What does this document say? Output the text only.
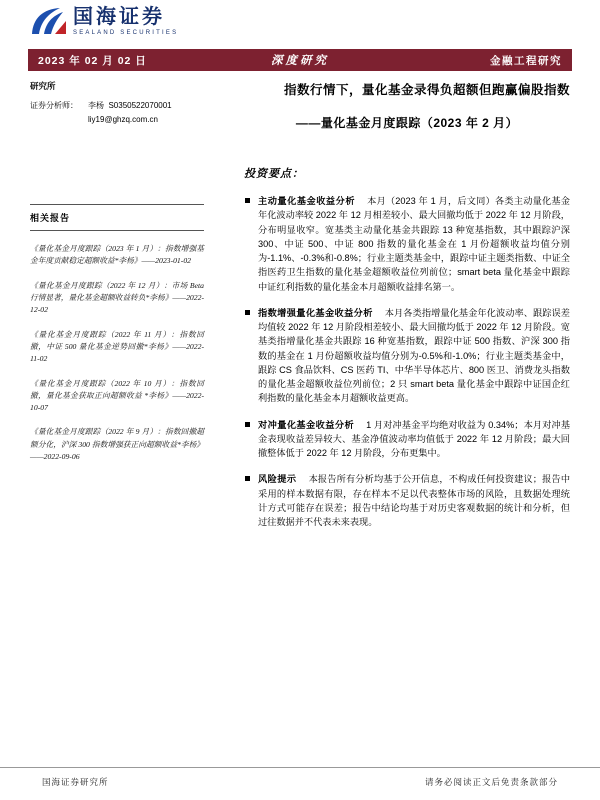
国海证券
SEALAND SECURITIES
2023 年 02 月 02 日	深度研究	金融工程研究
研究所
证券分析师：	李杨 S0350522070001
liy19@ghzq.com.cn
相关报告

《量化基金月度跟踪（2023 年 1 月）：指数增强基金年度贡献稳定超额收益*李杨》——2023-01-02

《量化基金月度跟踪（2022 年 12 月）：市场 Beta 行情显著，量化基金超额收益转负*李杨》——2022-12-02

《量化基金月度跟踪（2022 年 11 月）：指数回撤，中证 500 量化基金逆势回撤*李杨》——2022-11-02

《量化基金月度跟踪（2022 年 10 月）：指数回撤，量化基金获取正向超额收益 *李杨》——2022-10-07

《量化基金月度跟踪（2022 年 9 月）：指数回撤超额分化，沪深 300 指数增强获正向超额收益*李杨》——2022-09-06

指数行情下，量化基金录得负超额但跑赢偏股指数
——量化基金月度跟踪（2023 年 2 月）
投资要点：

主动量化基金收益分析 本月（2023 年 1 月，后文同）各类主动量化基金年化波动率较 2022 年 12 月相差较小、最大回撤均低于 2022 年 12 月阶段，分布明显收窄。宽基类主动量化基金共跟踪 13 种宽基指数，其中跟踪沪深 300、中证 500、中证 800 指数的量化基金在 1 月份超额收益均值分别为-1.1%、-0.3%和-0.8%；行业主题类基金中，跟踪中证主题类指数、中证全指医药卫生指数的量化基金超额收益位列前位；smart beta 量化基金中跟踪中证红利指数的量化基金本月超额收益排名第一。

指数增强量化基金收益分析 本月各类指增量化基金年化波动率、跟踪误差均值较 2022 年 12 月阶段相差较小、最大回撤均低于 2022 年 12 月阶段。宽基类指增量化基金共跟踪 16 种宽基指数，跟踪中证 500 指数、沪深 300 指数的基金在 1 月份超额收益均值分别为-0.5%和-1.0%；行业主题类基金中，跟踪 CS 食品饮料、CS 医药 TI、中华半导体芯片、800 医卫、消费龙头指数的量化基金超额收益位列前位；2 只 smart beta 量化基金中跟踪中证国企红利指数的量化基金本月超额收益更高。

对冲量化基金收益分析 1 月对冲基金平均绝对收益为 0.34%；本月对冲基金表现收益差异较大、基金净值波动率均值低于 2022 年 12 月阶段；最大回撤整体低于 2022 年 12 月阶段，分布更集中。

风险提示 本报告所有分析均基于公开信息，不构成任何投资建议；报告中采用的样本数据有限，存在样本不足以代表整体市场的风险，且数据处理统计方式可能存在误差；报告中结论均基于对历史客观数据的统计和分析，但过往数据并不代表未来表现。

国海证券研究所	请务必阅读正文后免责条款部分
